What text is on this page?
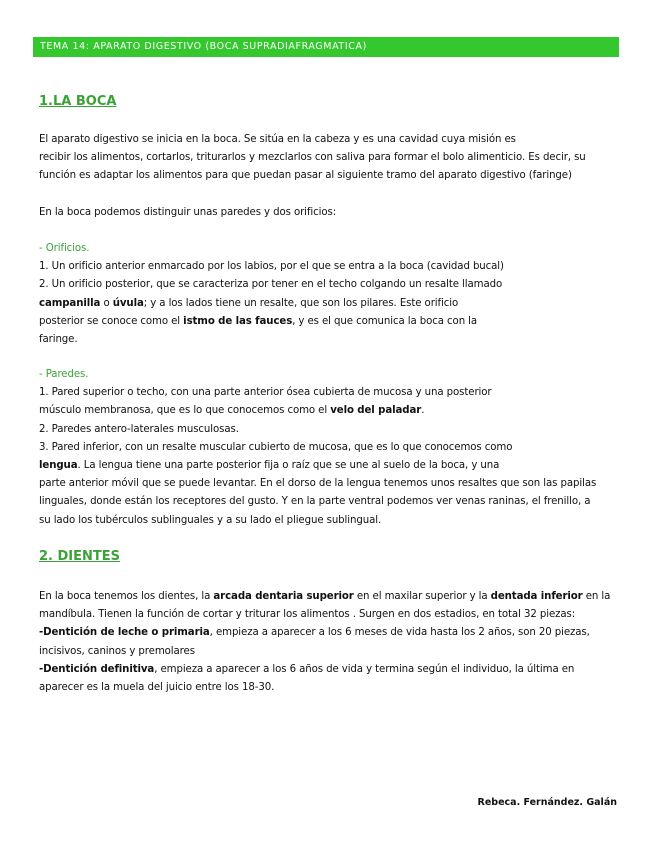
TEMA 14: APARATO DIGESTIVO (BOCA SUPRADIAFRAGMATICA)
1.LA BOCA
El aparato digestivo se inicia en la boca. Se sitúa en la cabeza y es una cavidad cuya misión es
recibir los alimentos, cortarlos, triturarlos y mezclarlos con saliva para formar el bolo alimenticio. Es decir, su
función es adaptar los alimentos para que puedan pasar al siguiente tramo del aparato digestivo (faringe)
En la boca podemos distinguir unas paredes y dos orificios:
- Orificios.
1. Un orificio anterior enmarcado por los labios, por el que se entra a la boca (cavidad bucal)
2. Un orificio posterior, que se caracteriza por tener en el techo colgando un resalte llamado
campanilla o úvula; y a los lados tiene un resalte, que son los pilares. Este orificio
posterior se conoce como el istmo de las fauces, y es el que comunica la boca con la
faringe.
- Paredes.
1. Pared superior o techo, con una parte anterior ósea cubierta de mucosa y una posterior
músculo membranosa, que es lo que conocemos como el velo del paladar.
2. Paredes antero-laterales musculosas.
3. Pared inferior, con un resalte muscular cubierto de mucosa, que es lo que conocemos como
lengua. La lengua tiene una parte posterior fija o raíz que se une al suelo de la boca, y una
parte anterior móvil que se puede levantar. En el dorso de la lengua tenemos unos resaltes que son las papilas
linguales, donde están los receptores del gusto. Y en la parte ventral podemos ver venas raninas, el frenillo, a
su lado los tubérculos sublinguales y a su lado el pliegue sublingual.
2. DIENTES
En la boca tenemos los dientes, la arcada dentaria superior en el maxilar superior y la dentada inferior en la
mandíbula. Tienen la función de cortar y triturar los alimentos . Surgen en dos estadios, en total 32 piezas:
-Dentición de leche o primaria, empieza a aparecer a los 6 meses de vida hasta los 2 años, son 20 piezas,
incisivos, caninos y premolares
-Dentición definitiva, empieza a aparecer a los 6 años de vida y termina según el individuo, la última en
aparecer es la muela del juicio entre los 18-30.
Rebeca. Fernández. Galán
